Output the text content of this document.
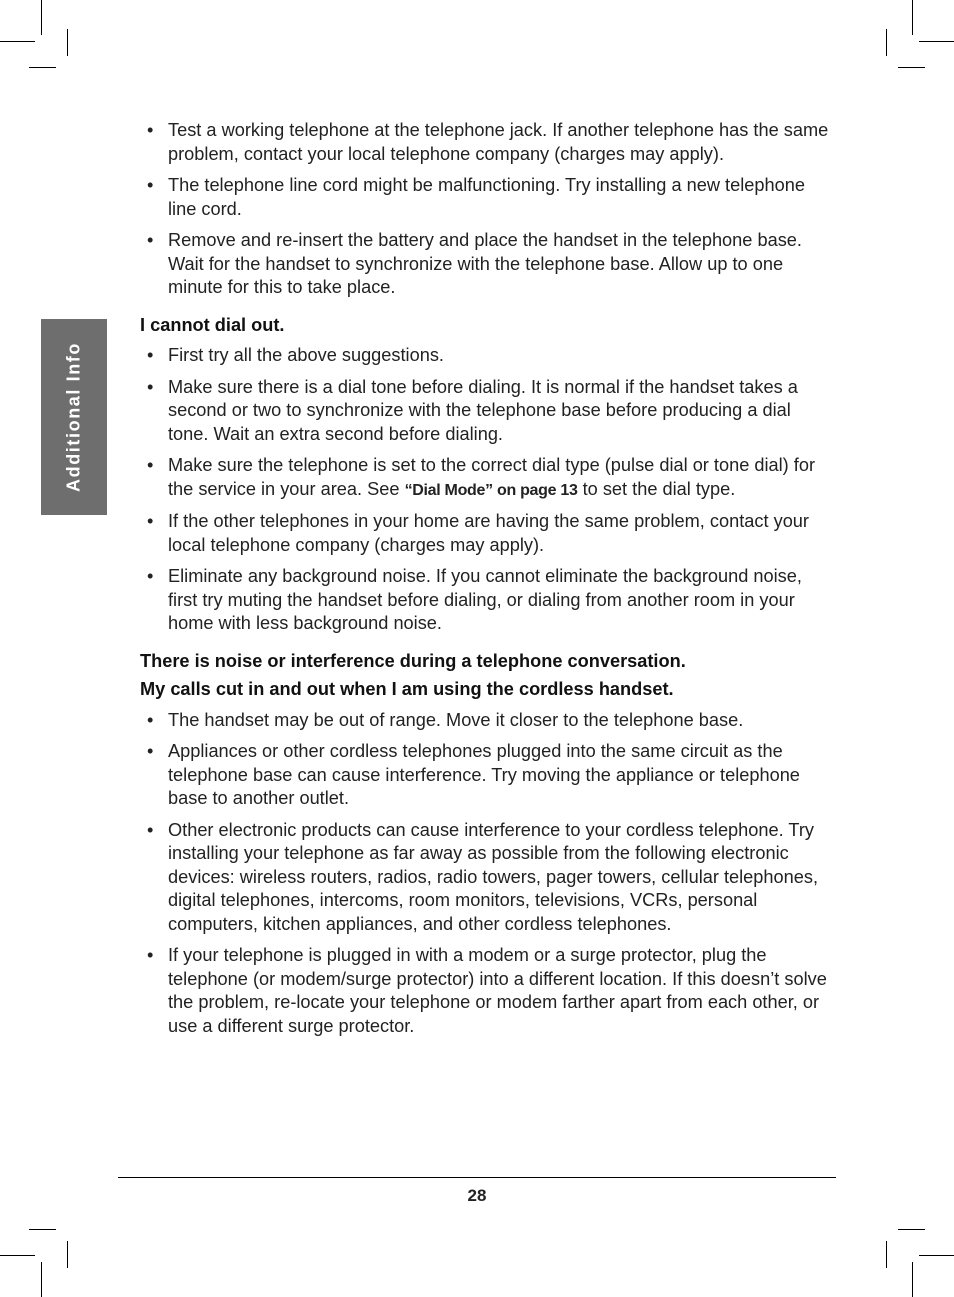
Additional Info
• Test a working telephone at the telephone jack. If another telephone has the same problem, contact your local telephone company (charges may apply).
• The telephone line cord might be malfunctioning. Try installing a new telephone line cord.
• Remove and re-insert the battery and place the handset in the telephone base. Wait for the handset to synchronize with the telephone base. Allow up to one minute for this to take place.

I cannot dial out.

• First try all the above suggestions.
• Make sure there is a dial tone before dialing. It is normal if the handset takes a second or two to synchronize with the telephone base before producing a dial tone. Wait an extra second before dialing.
• Make sure the telephone is set to the correct dial type (pulse dial or tone dial) for the service in your area. See “Dial Mode” on page 13 to set the dial type.
• If the other telephones in your home are having the same problem, contact your local telephone company (charges may apply).
• Eliminate any background noise. If you cannot eliminate the background noise, first try muting the handset before dialing, or dialing from another room in your home with less background noise.

There is noise or interference during a telephone conversation.

My calls cut in and out when I am using the cordless handset.

• The handset may be out of range. Move it closer to the telephone base.
• Appliances or other cordless telephones plugged into the same circuit as the telephone base can cause interference. Try moving the appliance or telephone base to another outlet.
• Other electronic products can cause interference to your cordless telephone. Try installing your telephone as far away as possible from the following electronic devices: wireless routers, radios, radio towers, pager towers, cellular telephones, digital telephones, intercoms, room monitors, televisions, VCRs, personal computers, kitchen appliances, and other cordless telephones.
• If your telephone is plugged in with a modem or a surge protector, plug the telephone (or modem/surge protector) into a different location. If this doesn’t solve the problem, re-locate your telephone or modem farther apart from each other, or use a different surge protector.
28
